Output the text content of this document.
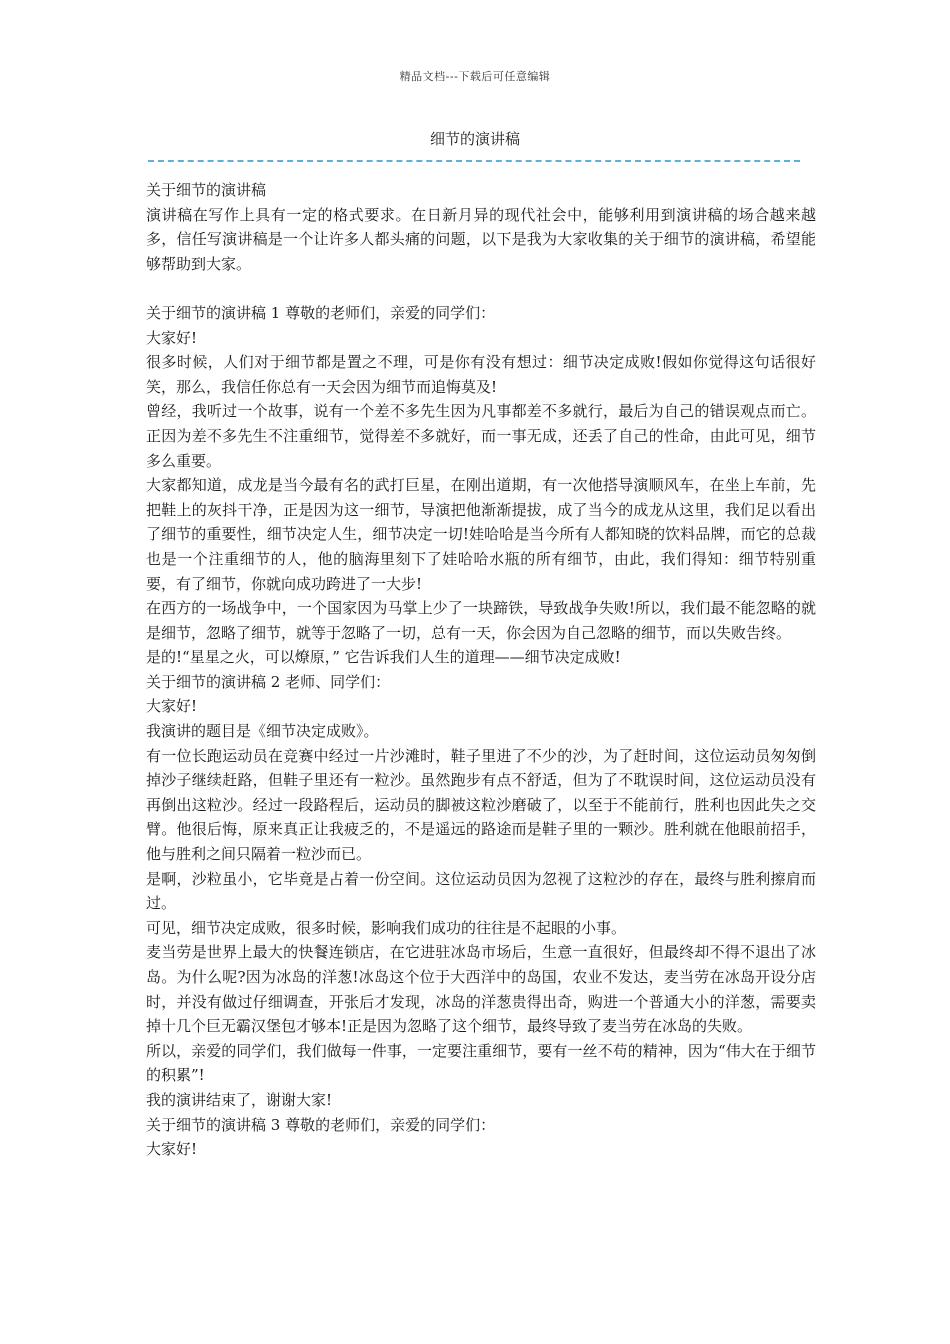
精品文档---下载后可任意编辑
细节的演讲稿

关于细节的演讲稿

演讲稿在写作上具有一定的格式要求。在日新月异的现代社会中，能够利用到演讲稿的场合越来越多，信任写演讲稿是一个让许多人都头痛的问题，以下是我为大家收集的关于细节的演讲稿，希望能够帮助到大家。

关于细节的演讲稿 1 尊敬的老师们，亲爱的同学们：

大家好!

很多时候，人们对于细节都是置之不理，可是你有没有想过：细节决定成败!假如你觉得这句话很好笑，那么，我信任你总有一天会因为细节而追悔莫及!

曾经，我听过一个故事，说有一个差不多先生因为凡事都差不多就行，最后为自己的错误观点而亡。正因为差不多先生不注重细节，觉得差不多就好，而一事无成，还丢了自己的性命，由此可见，细节多么重要。

大家都知道，成龙是当今最有名的武打巨星，在刚出道期，有一次他搭导演顺风车，在坐上车前，先把鞋上的灰抖干净，正是因为这一细节，导演把他渐渐提拔，成了当今的成龙从这里，我们足以看出了细节的重要性，细节决定人生，细节决定一切!娃哈哈是当今所有人都知晓的饮料品牌，而它的总裁也是一个注重细节的人，他的脑海里刻下了娃哈哈水瓶的所有细节，由此，我们得知：细节特别重要，有了细节，你就向成功跨进了一大步!

在西方的一场战争中，一个国家因为马掌上少了一块蹄铁，导致战争失败!所以，我们最不能忽略的就是细节，忽略了细节，就等于忽略了一切，总有一天，你会因为自己忽略的细节，而以失败告终。

是的!“星星之火，可以燎原，” 它告诉我们人生的道理——细节决定成败!

关于细节的演讲稿 2 老师、同学们：

大家好!

我演讲的题目是《细节决定成败》。

有一位长跑运动员在竞赛中经过一片沙滩时，鞋子里进了不少的沙，为了赶时间，这位运动员匆匆倒掉沙子继续赶路，但鞋子里还有一粒沙。虽然跑步有点不舒适，但为了不耽误时间，这位运动员没有再倒出这粒沙。经过一段路程后，运动员的脚被这粒沙磨破了，以至于不能前行，胜利也因此失之交臂。他很后悔，原来真正让我疲乏的，不是遥远的路途而是鞋子里的一颗沙。胜利就在他眼前招手，他与胜利之间只隔着一粒沙而已。

是啊，沙粒虽小，它毕竟是占着一份空间。这位运动员因为忽视了这粒沙的存在，最终与胜利擦肩而过。

可见，细节决定成败，很多时候，影响我们成功的往往是不起眼的小事。

麦当劳是世界上最大的快餐连锁店，在它进驻冰岛市场后，生意一直很好，但最终却不得不退出了冰岛。为什么呢?因为冰岛的洋葱!冰岛这个位于大西洋中的岛国，农业不发达，麦当劳在冰岛开设分店时，并没有做过仔细调查，开张后才发现，冰岛的洋葱贵得出奇，购进一个普通大小的洋葱，需要卖掉十几个巨无霸汉堡包才够本!正是因为忽略了这个细节，最终导致了麦当劳在冰岛的失败。

所以，亲爱的同学们，我们做每一件事，一定要注重细节，要有一丝不苟的精神，因为“伟大在于细节的积累”!

我的演讲结束了，谢谢大家!

关于细节的演讲稿 3 尊敬的老师们，亲爱的同学们：

大家好!
